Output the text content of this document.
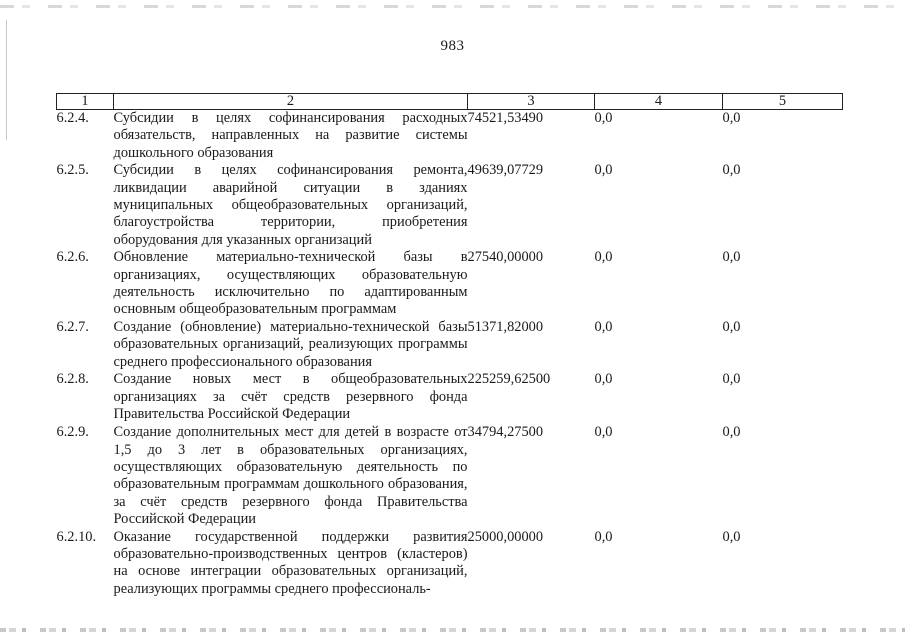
983
1	2	3	4	5
6.2.4.	Субсидии в целях софинансирования расходных обязательств, направленных на развитие системы дошкольного образования	74521,53490	0,0	0,0
6.2.5.	Субсидии в целях софинансирования ремонта, ликвидации аварийной ситуации в зданиях муниципальных общеобразовательных организаций, благоустройства территории, приобретения оборудования для указанных организаций	49639,07729	0,0	0,0
6.2.6.	Обновление материально-технической базы в организациях, осуществляющих образовательную деятельность исключительно по адаптированным основным общеобразовательным программам	27540,00000	0,0	0,0
6.2.7.	Создание (обновление) материально-технической базы образовательных организаций, реализующих программы среднего профессионального образования	51371,82000	0,0	0,0
6.2.8.	Создание новых мест в общеобразовательных организациях за счёт средств резервного фонда Правительства Российской Федерации	225259,62500	0,0	0,0
6.2.9.	Создание дополнительных мест для детей в возрасте от 1,5 до 3 лет в образовательных организациях, осуществляющих образовательную деятельность по образовательным программам дошкольного образования, за счёт средств резервного фонда Правительства Российской Федерации	34794,27500	0,0	0,0
6.2.10.	Оказание государственной поддержки развития образовательно-производственных центров (кластеров) на основе интеграции образовательных организаций, реализующих программы среднего профессиональ-	25000,00000	0,0	0,0
